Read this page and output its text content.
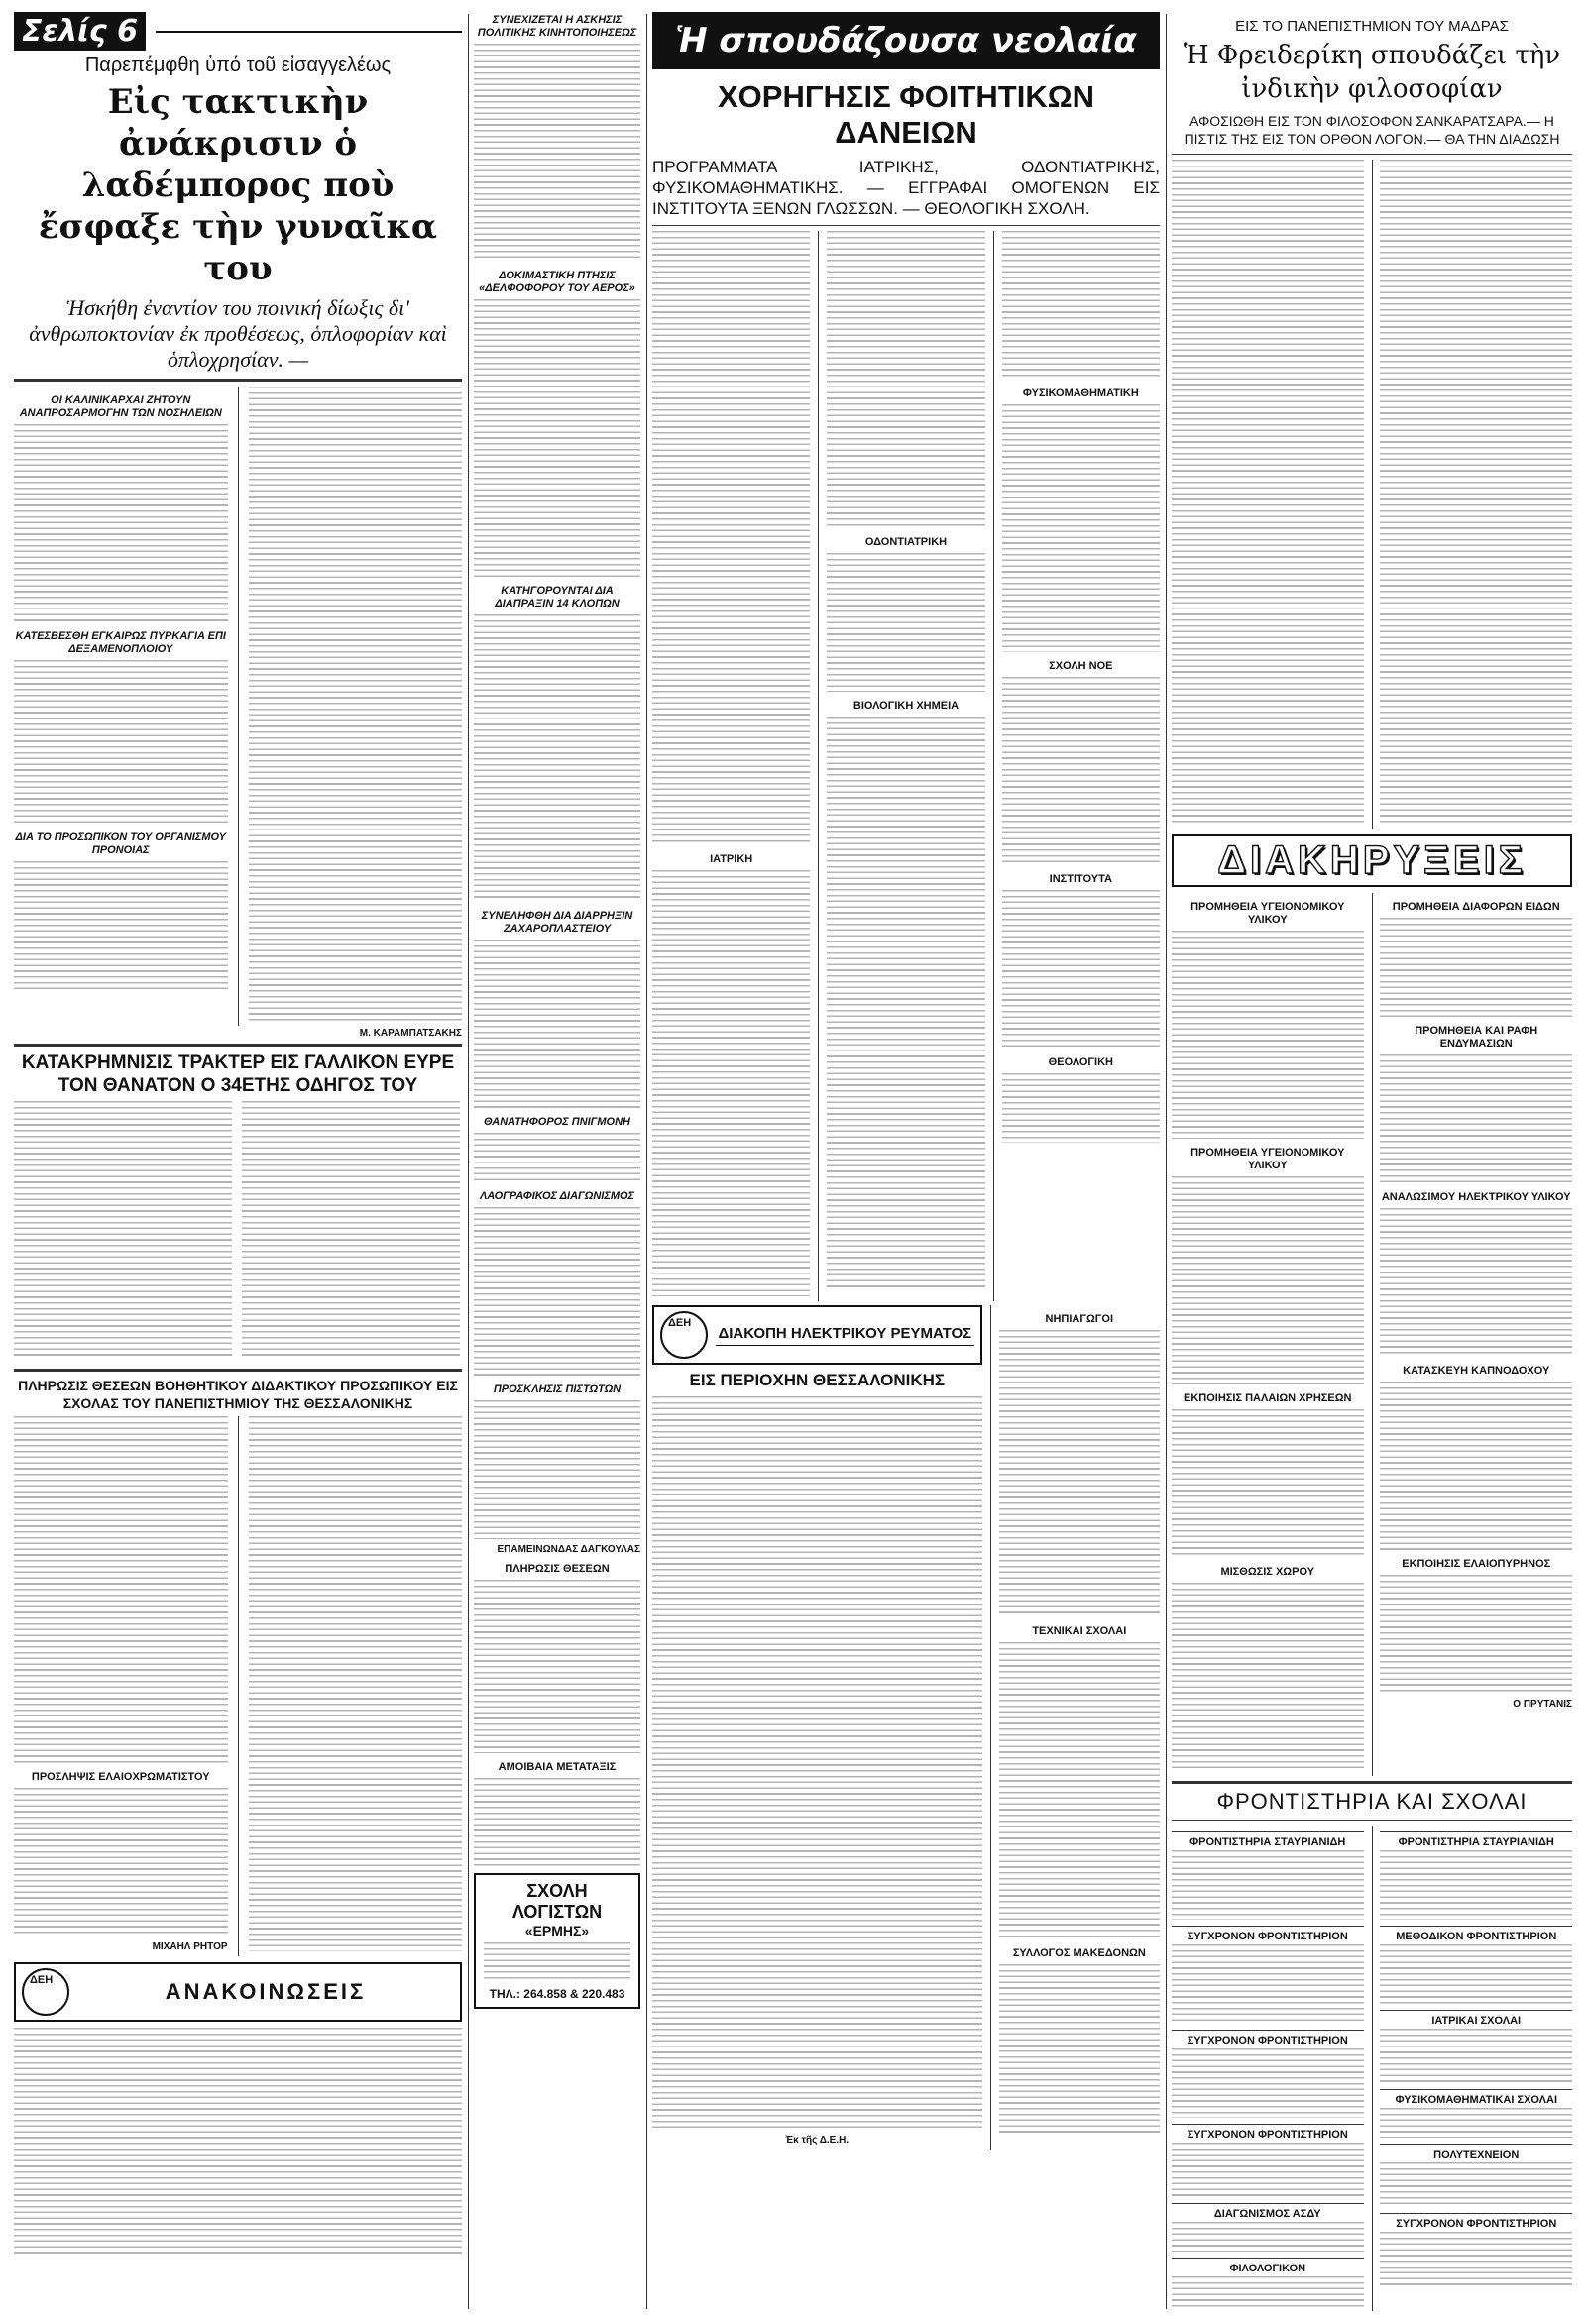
Σελίς 6
Παρεπέμφθη ὑπό τοῦ εἰσαγγελέως
Εἰς τακτικὴν ἀνάκρισιν ὁ λαδέμπορος ποὺ ἔσφαξε τὴν γυναῖκα του
Ἡσκήθη ἐναντίον του ποινική δίωξις δι' ἀνθρωποκτονίαν ἐκ προθέσεως, ὁπλοφορίαν καὶ ὁπλοχρησίαν. —
ΟΙ ΚΑΛΙΝΙΚΑΡΧΑΙ ΖΗΤΟΥΝ ΑΝΑΠΡΟΣΑΡΜΟΓΗΝ ΤΩΝ ΝΟΣΗΛΕΙΩΝ
ΚΑΤΕΣΒΕΣΘΗ ΕΓΚΑΙΡΩΣ ΠΥΡΚΑΓΙΑ ΕΠΙ ΔΕΞΑΜΕΝΟΠΛΟΙΟΥ
ΔΙΑ ΤΟ ΠΡΟΣΩΠΙΚΟΝ ΤΟΥ ΟΡΓΑΝΙΣΜΟΥ ΠΡΟΝΟΙΑΣ
Μ. ΚΑΡΑΜΠΑΤΣΑΚΗΣ
ΚΑΤΑΚΡΗΜΝΙΣΙΣ ΤΡΑΚΤΕΡ ΕΙΣ ΓΑΛΛΙΚΟΝ ΕΥΡΕ ΤΟΝ ΘΑΝΑΤΟΝ Ο 34ΕΤΗΣ ΟΔΗΓΟΣ ΤΟΥ
ΠΛΗΡΩΣΙΣ ΘΕΣΕΩΝ ΒΟΗΘΗΤΙΚΟΥ ΔΙΔΑΚΤΙΚΟΥ ΠΡΟΣΩΠΙΚΟΥ ΕΙΣ ΣΧΟΛΑΣ ΤΟΥ ΠΑΝΕΠΙΣΤΗΜΙΟΥ ΤΗΣ ΘΕΣΣΑΛΟΝΙΚΗΣ
ΠΡΟΣΛΗΨΙΣ ΕΛΑΙΟΧΡΩΜΑΤΙΣΤΟΥ
ΜΙΧΑΗΛ ΡΗΤΟΡ
ΔΕΗ	ΑΝΑΚΟΙΝΩΣΕΙΣ
ΣΥΝΕΧΙΖΕΤΑΙ Η ΑΣΚΗΣΙΣ ΠΟΛΙΤΙΚΗΣ ΚΙΝΗΤΟΠΟΙΗΣΕΩΣ
ΔΟΚΙΜΑΣΤΙΚΗ ΠΤΗΣΙΣ «ΔΕΛΦΟΦΟΡΟΥ ΤΟΥ ΑΕΡΟΣ»
ΚΑΤΗΓΟΡΟΥΝΤΑΙ ΔΙΑ ΔΙΑΠΡΑΞΙΝ 14 ΚΛΟΠΩΝ
ΣΥΝΕΛΗΦΘΗ ΔΙΑ ΔΙΑΡΡΗΞΙΝ ΖΑΧΑΡΟΠΛΑΣΤΕΙΟΥ
ΘΑΝΑΤΗΦΟΡΟΣ ΠΝΙΓΜΟΝΗ
ΛΑΟΓΡΑΦΙΚΟΣ ΔΙΑΓΩΝΙΣΜΟΣ
ΠΡΟΣΚΛΗΣΙΣ ΠΙΣΤΩΤΩΝ
ΕΠΑΜΕΙΝΩΝΔΑΣ ΔΑΓΚΟΥΛΑΣ
ΠΛΗΡΩΣΙΣ ΘΕΣΕΩΝ
ΑΜΟΙΒΑΙΑ ΜΕΤΑΤΑΞΙΣ
ΣΧΟΛΗ ΛΟΓΙΣΤΩΝ
«ΕΡΜΗΣ»
ΤΗΛ.: 264.858 & 220.483
Ἡ σπουδάζουσα νεολαία
ΧΟΡΗΓΗΣΙΣ ΦΟΙΤΗΤΙΚΩΝ ΔΑΝΕΙΩΝ
ΠΡΟΓΡΑΜΜΑΤΑ ΙΑΤΡΙΚΗΣ, ΟΔΟΝΤΙΑΤΡΙΚΗΣ, ΦΥΣΙΚΟΜΑΘΗΜΑΤΙΚΗΣ. — ΕΓΓΡΑΦΑΙ ΟΜΟΓΕΝΩΝ ΕΙΣ ΙΝΣΤΙΤΟΥΤΑ ΞΕΝΩΝ ΓΛΩΣΣΩΝ. — ΘΕΟΛΟΓΙΚΗ ΣΧΟΛΗ.
ΙΑΤΡΙΚΗ
ΟΔΟΝΤΙΑΤΡΙΚΗ
ΒΙΟΛΟΓΙΚΗ ΧΗΜΕΙΑ
ΦΥΣΙΚΟΜΑΘΗΜΑΤΙΚΗ
ΣΧΟΛΗ ΝΟΕ
ΙΝΣΤΙΤΟΥΤΑ
ΘΕΟΛΟΓΙΚΗ
ΔΕΗ
ΔΙΑΚΟΠΗ ΗΛΕΚΤΡΙΚΟΥ ΡΕΥΜΑΤΟΣ
ΕΙΣ ΠΕΡΙΟΧΗΝ ΘΕΣΣΑΛΟΝΙΚΗΣ
Ἐκ τῆς Δ.Ε.Η.
ΝΗΠΙΑΓΩΓΟΙ
ΤΕΧΝΙΚΑΙ ΣΧΟΛΑΙ
ΣΥΛΛΟΓΟΣ ΜΑΚΕΔΟΝΩΝ
ΕΙΣ ΤΟ ΠΑΝΕΠΙΣΤΗΜΙΟΝ ΤΟΥ ΜΑΔΡΑΣ
Ἡ Φρειδερίκη σπουδάζει τὴν ἰνδικὴν φιλοσοφίαν
ΑΦΟΣΙΩΘΗ ΕΙΣ ΤΟΝ ΦΙΛΟΣΟΦΟΝ ΣΑΝΚΑΡΑΤΣΑΡΑ.— Η ΠΙΣΤΙΣ ΤΗΣ ΕΙΣ ΤΟΝ ΟΡΘΟΝ ΛΟΓΟΝ.— ΘΑ ΤΗΝ ΔΙΑΔΩΣΗ
ΔΙΑΚΗΡΥΞΕΙΣ
ΠΡΟΜΗΘΕΙΑ ΥΓΕΙΟΝΟΜΙΚΟΥ ΥΛΙΚΟΥ
ΠΡΟΜΗΘΕΙΑ ΥΓΕΙΟΝΟΜΙΚΟΥ ΥΛΙΚΟΥ
ΕΚΠΟΙΗΣΙΣ ΠΑΛΑΙΩΝ ΧΡΗΣΕΩΝ
ΜΙΣΘΩΣΙΣ ΧΩΡΟΥ
ΠΡΟΜΗΘΕΙΑ ΔΙΑΦΟΡΩΝ ΕΙΔΩΝ
ΠΡΟΜΗΘΕΙΑ ΚΑΙ ΡΑΦΗ ΕΝΔΥΜΑΣΙΩΝ
ΑΝΑΛΩΣΙΜΟΥ ΗΛΕΚΤΡΙΚΟΥ ΥΛΙΚΟΥ
ΚΑΤΑΣΚΕΥΗ ΚΑΠΝΟΔΟΧΟΥ
ΕΚΠΟΙΗΣΙΣ ΕΛΑΙΟΠΥΡΗΝΟΣ
Ο ΠΡΥΤΑΝΙΣ
ΦΡΟΝΤΙΣΤΗΡΙΑ ΚΑΙ ΣΧΟΛΑΙ
ΦΡΟΝΤΙΣΤΗΡΙΑ ΣΤΑΥΡΙΑΝΙΔΗ
ΣΥΓΧΡΟΝΟΝ ΦΡΟΝΤΙΣΤΗΡΙΟΝ
ΣΥΓΧΡΟΝΟΝ ΦΡΟΝΤΙΣΤΗΡΙΟΝ
ΣΥΓΧΡΟΝΟΝ ΦΡΟΝΤΙΣΤΗΡΙΟΝ
ΔΙΑΓΩΝΙΣΜΟΣ ΑΣΔΥ
ΦΙΛΟΛΟΓΙΚΟΝ
ΦΡΟΝΤΙΣΤΗΡΙΑ ΣΤΑΥΡΙΑΝΙΔΗ
ΜΕΘΟΔΙΚΟΝ ΦΡΟΝΤΙΣΤΗΡΙΟΝ
ΙΑΤΡΙΚΑΙ ΣΧΟΛΑΙ
ΦΥΣΙΚΟΜΑΘΗΜΑΤΙΚΑΙ ΣΧΟΛΑΙ
ΠΟΛΥΤΕΧΝΕΙΟΝ
ΣΥΓΧΡΟΝΟΝ ΦΡΟΝΤΙΣΤΗΡΙΟΝ
